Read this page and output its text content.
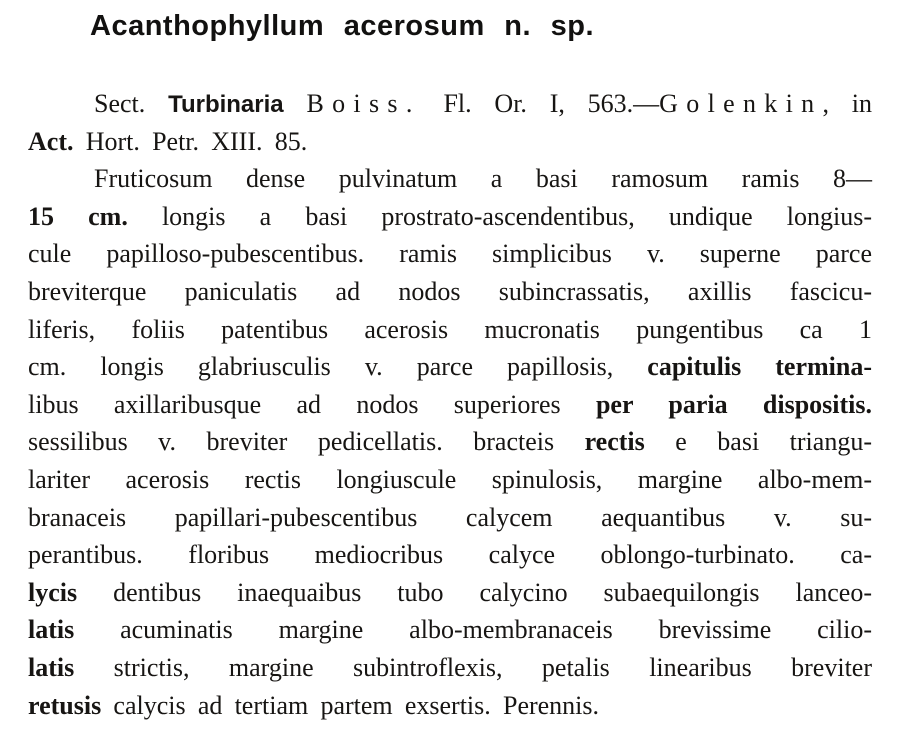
Acanthophyllum acerosum n. sp.
Sect. Turbinaria Boiss. Fl. Or. I, 563.—Golenkin, in
Act. Hort. Petr. XIII. 85.
Fruticosum dense pulvinatum a basi ramosum ramis 8—
15 cm. longis a basi prostrato-ascendentibus, undique longius-
cule papilloso-pubescentibus. ramis simplicibus v. superne parce
breviterque paniculatis ad nodos subincrassatis, axillis fascicu-
liferis, foliis patentibus acerosis mucronatis pungentibus ca 1
cm. longis glabriusculis v. parce papillosis, capitulis termina-
libus axillaribusque ad nodos superiores per paria dispositis.
sessilibus v. breviter pedicellatis. bracteis rectis e basi triangu-
lariter acerosis rectis longiuscule spinulosis, margine albo-mem-
branaceis papillari-pubescentibus calycem aequantibus v. su-
perantibus. floribus mediocribus calyce oblongo-turbinato. ca-
lycis dentibus inaequaibus tubo calycino subaequilongis lanceo-
latis acuminatis margine albo-membranaceis brevissime cilio-
latis strictis, margine subintroflexis, petalis linearibus breviter
retusis calycis ad tertiam partem exsertis. Perennis.
